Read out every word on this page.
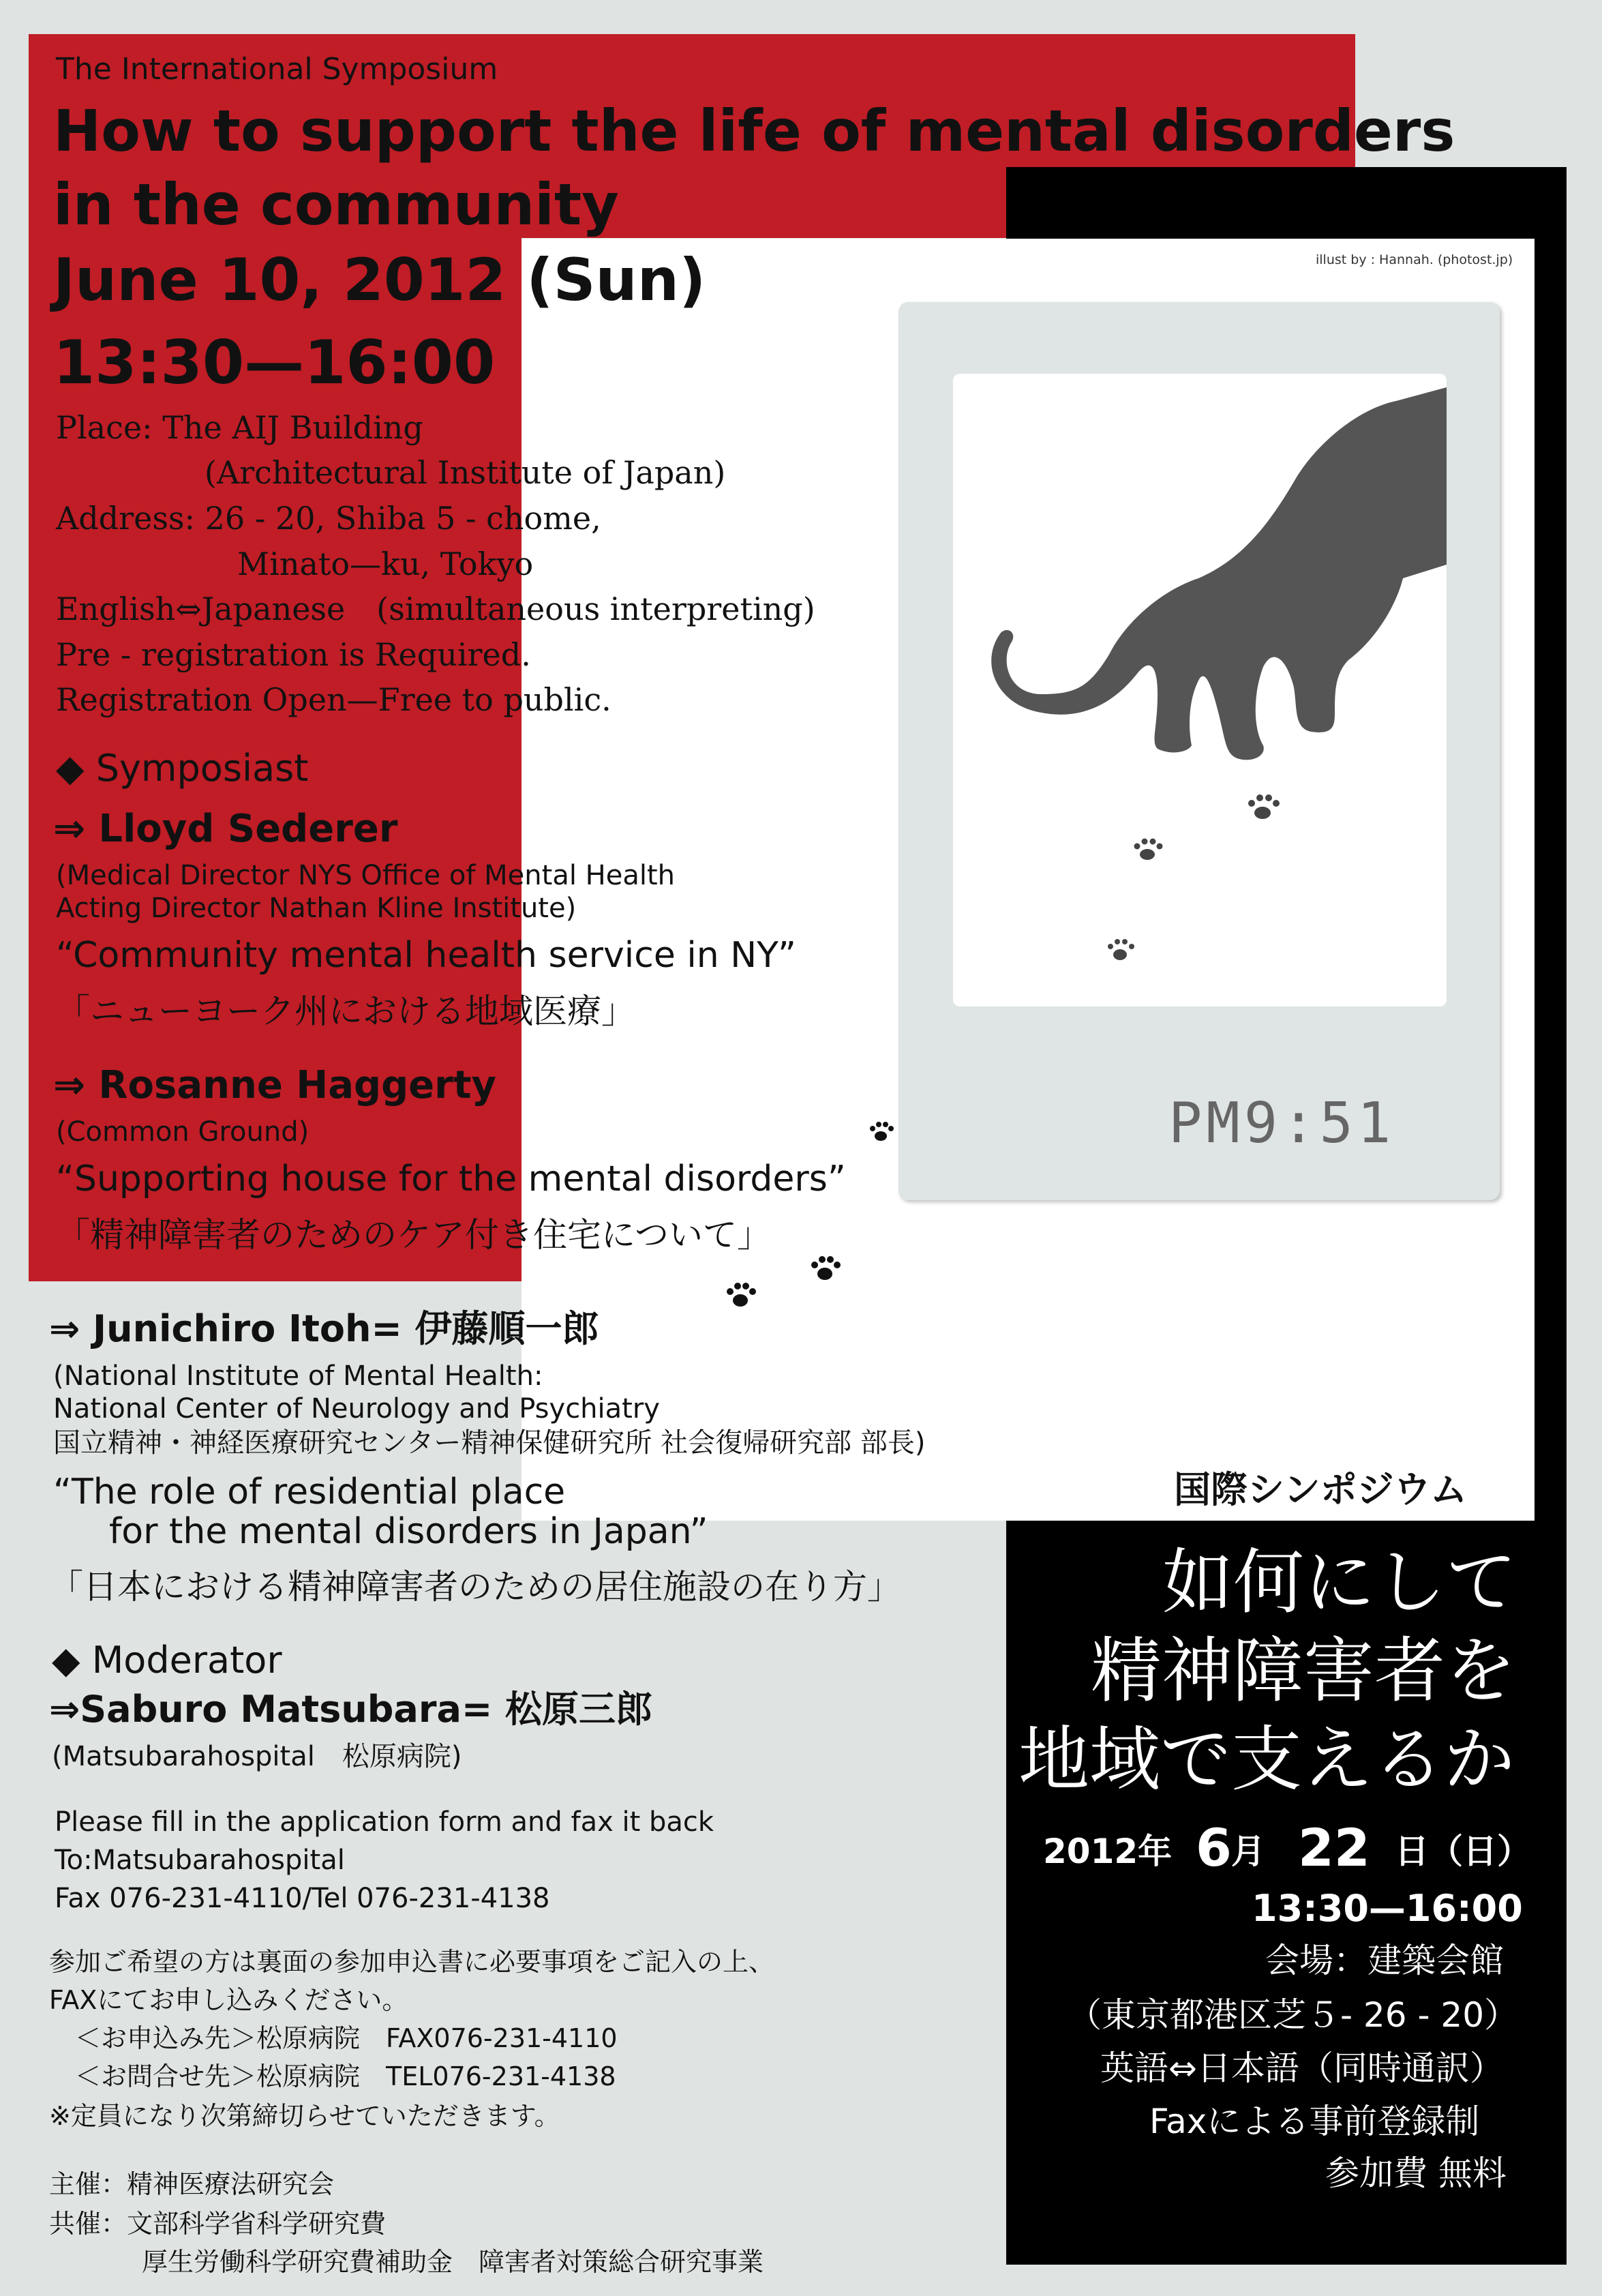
PM9:51
illust by : Hannah. (photost.jp)
The International Symposium
How to support the life of mental disorders
in the community
June 10, 2012 (Sun)
13:30—16:00
Place: The AIJ Building
(Architectural Institute of Japan)
Address: 26 - 20, Shiba 5 - chome,
Minato—ku, Tokyo
English⇔Japanese　(simultaneous interpreting)
Pre - registration is Required.
Registration Open—Free to public.
◆ Symposiast
⇒ Lloyd Sederer
(Medical Director NYS Office of Mental Health
Acting Director Nathan Kline Institute)
“Community mental health service in NY”
「ニューヨーク州における地域医療」
⇒ Rosanne Haggerty
(Common Ground)
“Supporting house for the mental disorders”
「精神障害者のためのケア付き住宅について」
⇒ Junichiro Itoh= 伊藤順一郎
(National Institute of Mental Health:
National Center of Neurology and Psychiatry
国立精神・神経医療研究センター精神保健研究所 社会復帰研究部 部長)
“The role of residential place
for the mental disorders in Japan”
「日本における精神障害者のための居住施設の在り方」
◆ Moderator
⇒Saburo Matsubara= 松原三郎
(Matsubarahospital　松原病院)
Please fill in the application form and fax it back
To:Matsubarahospital
Fax 076-231-4110/Tel 076-231-4138
参加ご希望の方は裏面の参加申込書に必要事項をご記入の上、
FAXにてお申し込みください。
　＜お申込み先＞松原病院　FAX076-231-4110
　＜お問合せ先＞松原病院　TEL076-231-4138
※定員になり次第締切らせていただきます。
主催：精神医療法研究会
共催：文部科学省科学研究費
厚生労働科学研究費補助金　障害者対策総合研究事業
国際シンポジウム
如何にして
精神障害者を
地域で支えるか
2012年 6 月 22 日（日）
13:30—16:00
会場：建築会館
（東京都港区芝５- 26 - 20）
英語⇔日本語（同時通訳）
Faxによる事前登録制
参加費 無料
